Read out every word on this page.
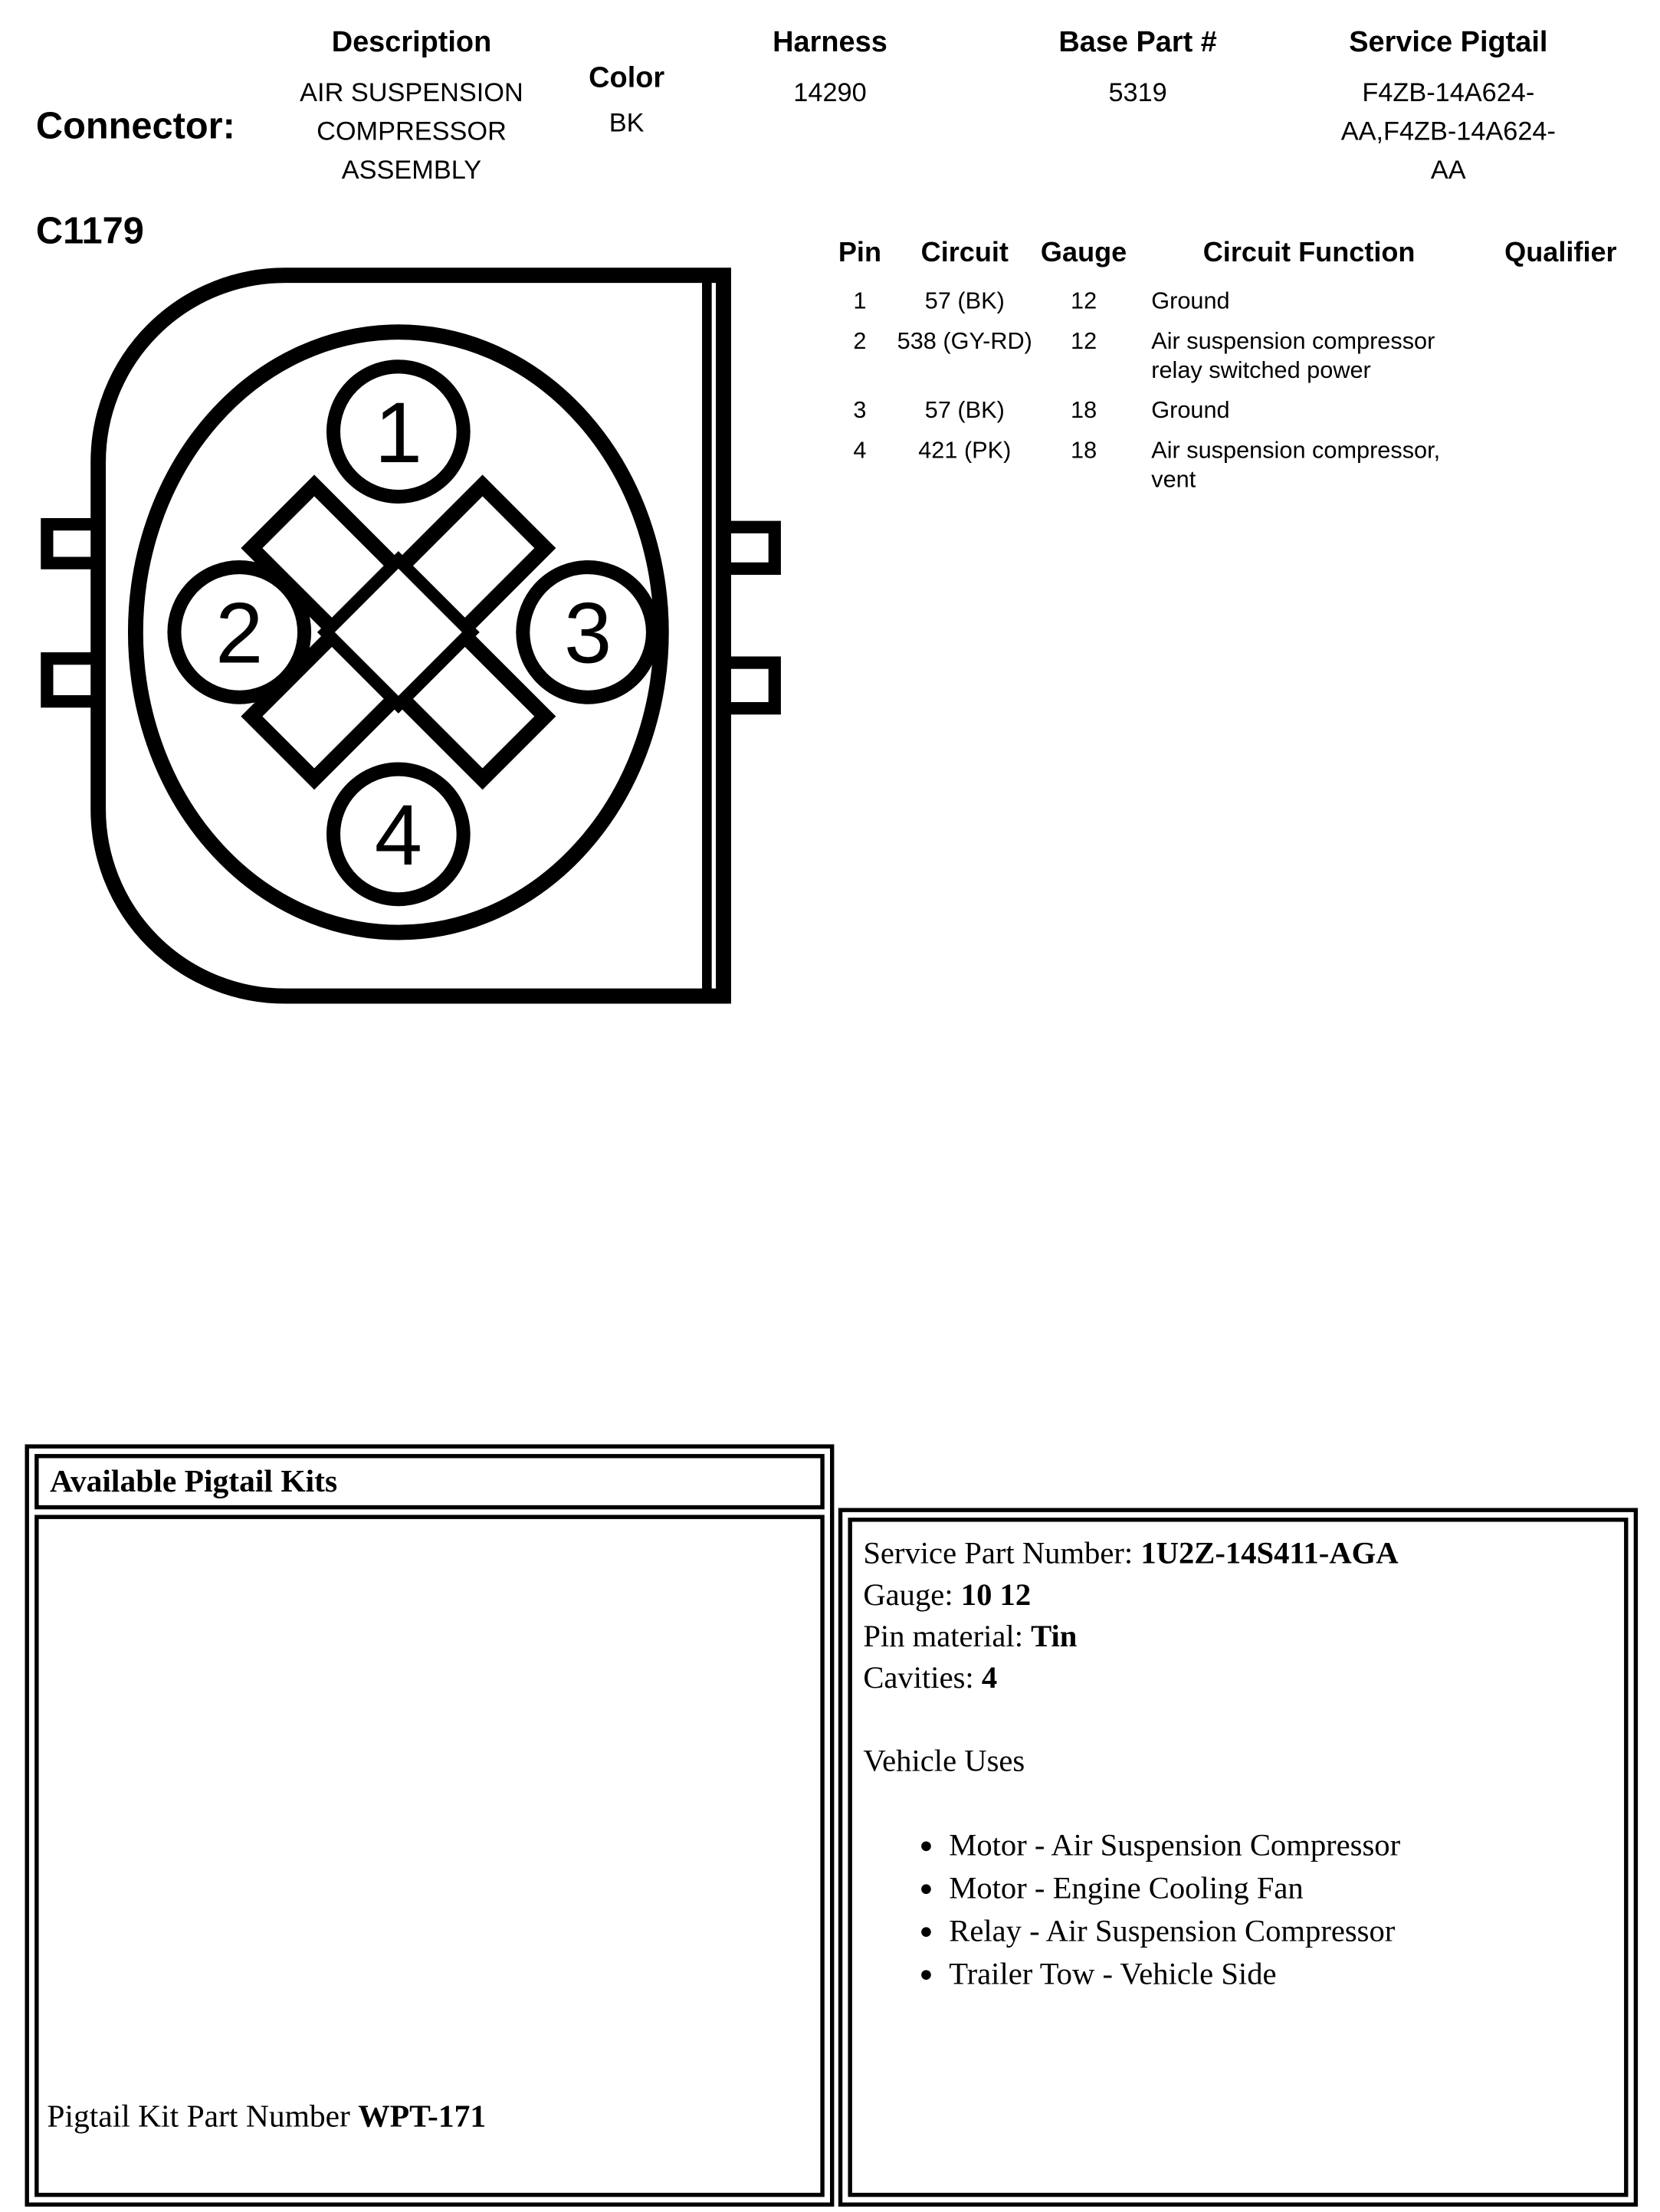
Connector:

C1179

Description
AIR SUSPENSION COMPRESSOR ASSEMBLY
Color
BK
Harness
14290
Base Part #
5319
Service Pigtail
F4ZB-14A624-AA,F4ZB-14A624-AA
1
2	3
4
Pin	Circuit	Gauge	Circuit Function	Qualifier
1	57 (BK)	12	Ground	
2	538 (GY-RD)	12	Air suspension compressor relay switched power	
3	57 (BK)	18	Ground	
4	421 (PK)	18	Air suspension compressor, vent	
Available Pigtail Kits
Pigtail Kit Part Number WPT-171

Service Part Number: 1U2Z-14S411-AGA

Gauge: 10 12

Pin material: Tin

Cavities: 4

Vehicle Uses

• Motor - Air Suspension Compressor
• Motor - Engine Cooling Fan
• Relay - Air Suspension Compressor
• Trailer Tow - Vehicle Side
